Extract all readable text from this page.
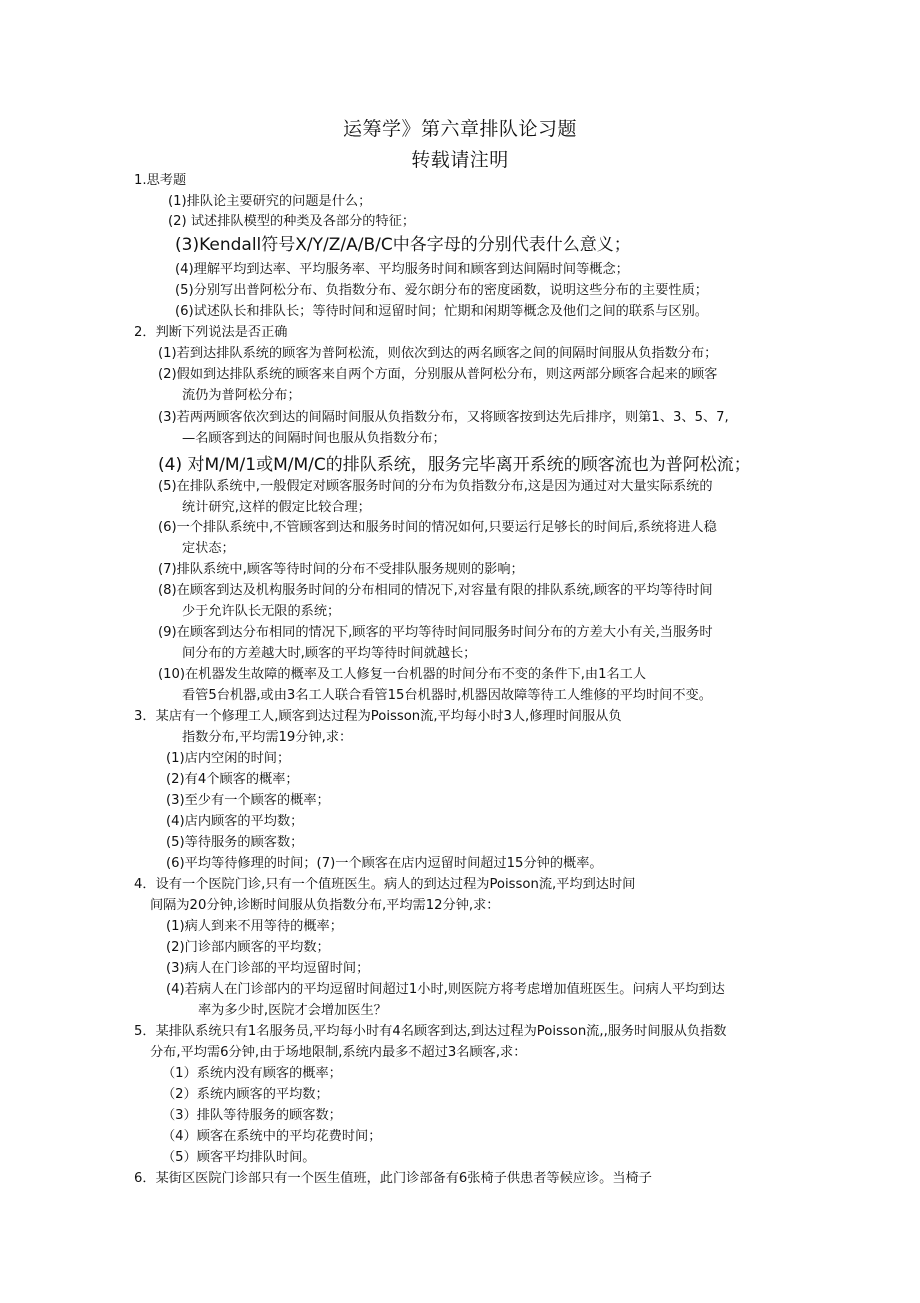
运筹学》第六章排队论习题
转载请注明
1.思考题
(1)排队论主要研究的问题是什么；
(2) 试述排队模型的种类及各部分的特征；
(3)Kendall符号X/Y/Z/A/B/C中各字母的分别代表什么意义；
(4)理解平均到达率、平均服务率、平均服务时间和顾客到达间隔时间等概念；
(5)分别写出普阿松分布、负指数分布、爱尔朗分布的密度函数，说明这些分布的主要性质；
(6)试述队长和排队长；等待时间和逗留时间；忙期和闲期等概念及他们之间的联系与区别。
2．判断下列说法是否正确
(1)若到达排队系统的顾客为普阿松流，则依次到达的两名顾客之间的间隔时间服从负指数分布；
(2)假如到达排队系统的顾客来自两个方面，分别服从普阿松分布，则这两部分顾客合起来的顾客
流仍为普阿松分布；
(3)若两两顾客依次到达的间隔时间服从负指数分布，又将顾客按到达先后排序，则第1、3、5、7,
—名顾客到达的间隔时间也服从负指数分布；
(4) 对M/M/1或M/M/C的排队系统，服务完毕离开系统的顾客流也为普阿松流；
(5)在排队系统中,一般假定对顾客服务时间的分布为负指数分布,这是因为通过对大量实际系统的
统计研究,这样的假定比较合理；
(6)一个排队系统中,不管顾客到达和服务时间的情况如何,只要运行足够长的时间后,系统将进人稳
定状态；
(7)排队系统中,顾客等待时间的分布不受排队服务规则的影响；
(8)在顾客到达及机构服务时间的分布相同的情况下,对容量有限的排队系统,顾客的平均等待时间
少于允许队长无限的系统；
(9)在顾客到达分布相同的情况下,顾客的平均等待时间同服务时间分布的方差大小有关,当服务时
间分布的方差越大时,顾客的平均等待时间就越长；
(10)在机器发生故障的概率及工人修复一台机器的时间分布不变的条件下,由1名工人
看管5台机器,或由3名工人联合看管15台机器时,机器因故障等待工人维修的平均时间不变。
3．某店有一个修理工人,顾客到达过程为Poisson流,平均每小时3人,修理时间服从负
指数分布,平均需19分钟,求：
(1)店内空闲的时间；
(2)有4个顾客的概率；
(3)至少有一个顾客的概率；
(4)店内顾客的平均数；
(5)等待服务的顾客数；
(6)平均等待修理的时间；(7)一个顾客在店内逗留时间超过15分钟的概率。
4．设有一个医院门诊,只有一个值班医生。病人的到达过程为Poisson流,平均到达时间
间隔为20分钟,诊断时间服从负指数分布,平均需12分钟,求：
(1)病人到来不用等待的概率；
(2)门诊部内顾客的平均数；
(3)病人在门诊部的平均逗留时间；
(4)若病人在门诊部内的平均逗留时间超过1小时,则医院方将考虑增加值班医生。问病人平均到达
率为多少时,医院才会增加医生？
5．某排队系统只有1名服务员,平均每小时有4名顾客到达,到达过程为Poisson流,,服务时间服从负指数
分布,平均需6分钟,由于场地限制,系统内最多不超过3名顾客,求：
（1）系统内没有顾客的概率；
（2）系统内顾客的平均数；
（3）排队等待服务的顾客数；
（4）顾客在系统中的平均花费时间；
（5）顾客平均排队时间。
6．某街区医院门诊部只有一个医生值班，此门诊部备有6张椅子供患者等候应诊。当椅子
